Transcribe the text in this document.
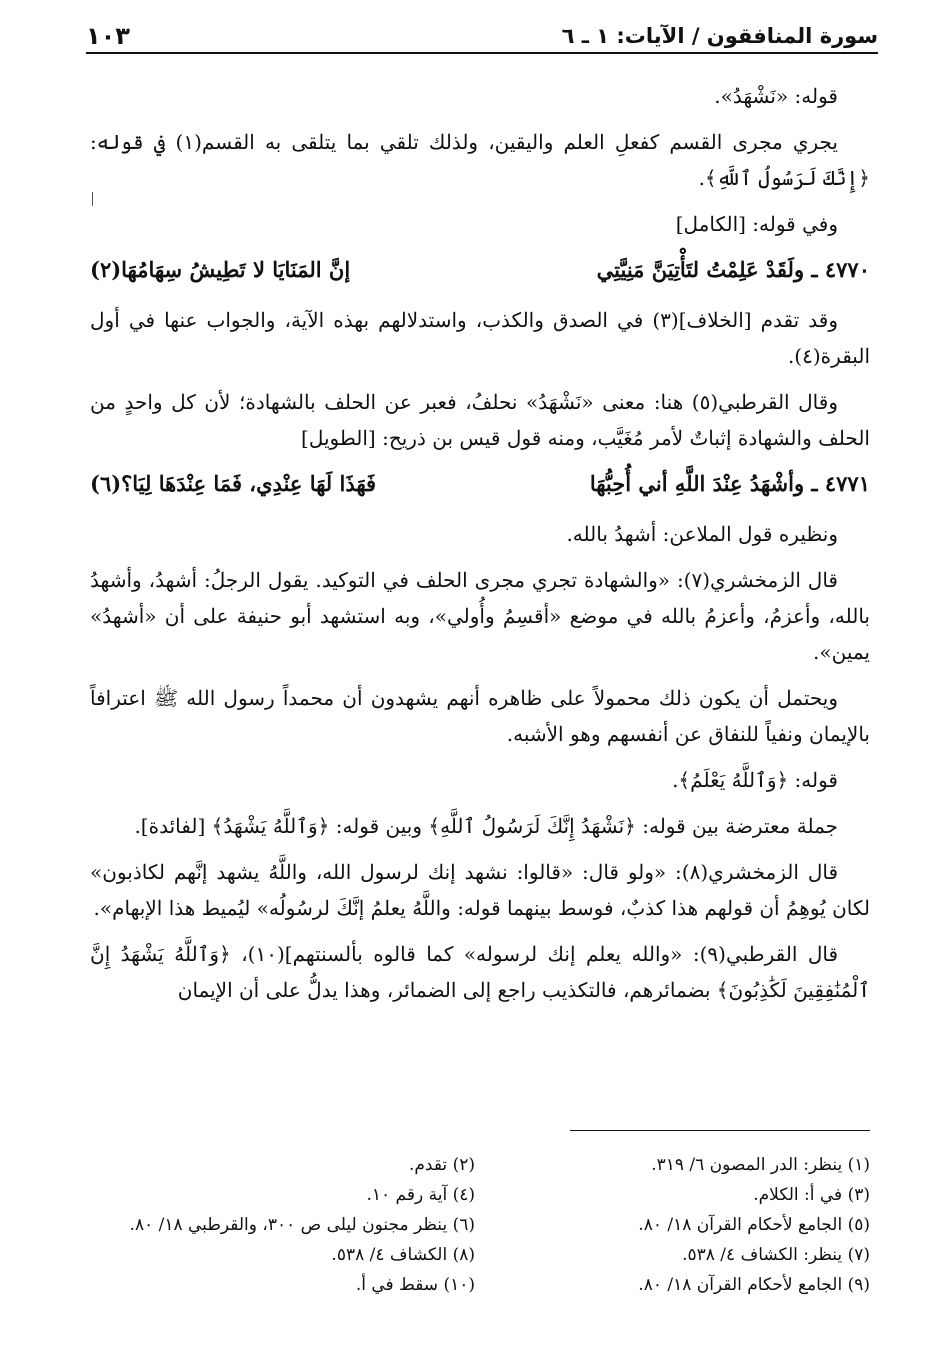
سورة المنافقون / الآيات: ١ ـ ٦
١٠٣

قوله: «نَشْهَدُ».

يجري مجرى القسم كفعلِ العلم واليقين، ولذلك تلقي بما يتلقى به القسم(١) في قوله: ﴿إِنَّكَ لَرَسُولُ ٱللَّهِ﴾.

وفي قوله: [الكامل]

٤٧٧٠ ـ ولَقَدْ عَلِمْتُ لتَأْتِيَنَّ مَنِيَّتِي
إنَّ المَنَايَا لا تَطِيشُ سِهَامُهَا(٢)

وقد تقدم [الخلاف](٣) في الصدق والكذب، واستدلالهم بهذه الآية، والجواب عنها في أول البقرة(٤).

وقال القرطبي(٥) هنا: معنى «نَشْهَدُ» نحلفُ، فعبر عن الحلف بالشهادة؛ لأن كل واحدٍ من الحلف والشهادة إثباتٌ لأمر مُغَيَّب، ومنه قول قيس بن ذريح: [الطويل]

٤٧٧١ ـ وأشْهَدُ عِنْدَ اللَّهِ أني أُحِبُّهَا
فَهَذَا لَهَا عِنْدِي، فَمَا عِنْدَهَا لِيَا؟(٦)

ونظيره قول الملاعن: أشهدُ بالله.

قال الزمخشري(٧): «والشهادة تجري مجرى الحلف في التوكيد. يقول الرجلُ: أشهدُ، وأشهدُ بالله، وأعزمُ، وأعزمُ بالله في موضع «أقسِمُ وأُولي»، وبه استشهد أبو حنيفة على أن «أشهدُ» يمين».

ويحتمل أن يكون ذلك محمولاً على ظاهره أنهم يشهدون أن محمداً رسول الله ﷺ اعترافاً بالإيمان ونفياً للنفاق عن أنفسهم وهو الأشبه.

قوله: ﴿وَٱللَّهُ يَعْلَمُ﴾.

جملة معترضة بين قوله: ﴿نَشْهَدُ إِنَّكَ لَرَسُولُ ٱللَّهِ﴾ وبين قوله: ﴿وَٱللَّهُ يَشْهَدُ﴾ [لفائدة].

قال الزمخشري(٨): «ولو قال: «قالوا: نشهد إنك لرسول الله، واللَّهُ يشهد إنَّهم لكاذبون» لكان يُوهِمُ أن قولهم هذا كذبٌ، فوسط بينهما قوله: واللَّهُ يعلمُ إنَّكَ لرسُولُه» ليُميط هذا الإبهام».

قال القرطبي(٩): «والله يعلم إنك لرسوله» كما قالوه بألسنتهم](١٠)، ﴿وَٱللَّهُ يَشْهَدُ إِنَّ ٱلْمُنَٰفِقِينَ لَكَٰذِبُونَ﴾ بضمائرهم، فالتكذيب راجع إلى الضمائر، وهذا يدلُّ على أن الإيمان

(١) ينظر: الدر المصون ٦/ ٣١٩.
(٢) تقدم.
(٣) في أ: الكلام.
(٤) آية رقم ١٠.
(٥) الجامع لأحكام القرآن ١٨/ ٨٠.
(٦) ينظر مجنون ليلى ص ٣٠٠، والقرطبي ١٨/ ٨٠.
(٧) ينظر: الكشاف ٤/ ٥٣٨.
(٨) الكشاف ٤/ ٥٣٨.
(٩) الجامع لأحكام القرآن ١٨/ ٨٠.
(١٠) سقط في أ.
